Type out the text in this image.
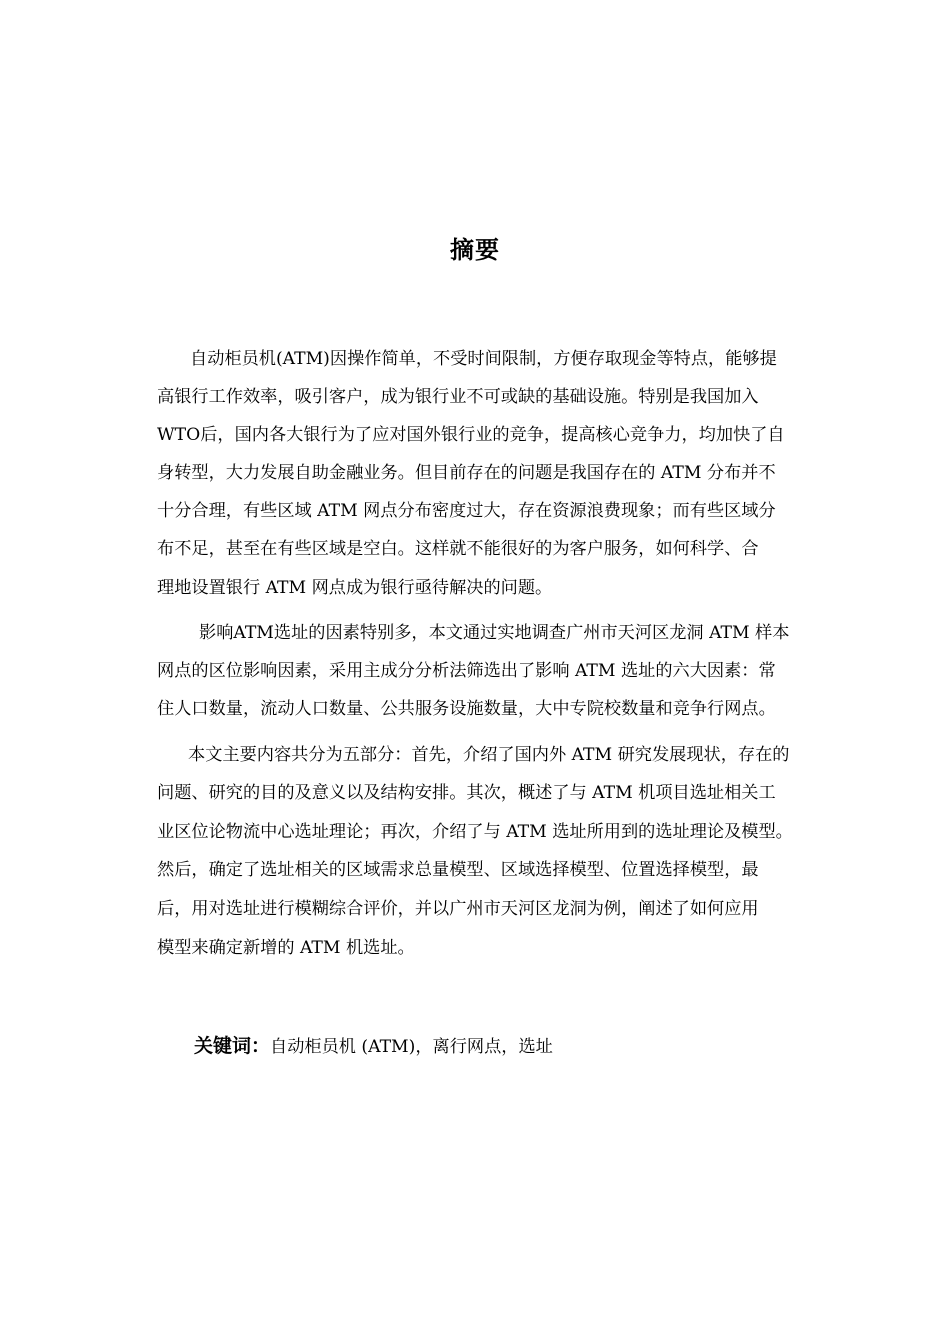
摘要
自动柜员机(ATM)因操作简单，不受时间限制，方便存取现金等特点，能够提
高银行工作效率，吸引客户，成为银行业不可或缺的基础设施。特别是我国加入
WTO后，国内各大银行为了应对国外银行业的竞争，提高核心竞争力，均加快了自
身转型，大力发展自助金融业务。但目前存在的问题是我国存在的 ATM 分布并不
十分合理，有些区域 ATM 网点分布密度过大，存在资源浪费现象；而有些区域分
布不足，甚至在有些区域是空白。这样就不能很好的为客户服务，如何科学、合
理地设置银行 ATM 网点成为银行亟待解决的问题。
影响ATM选址的因素特别多，本文通过实地调查广州市天河区龙洞 ATM 样本
网点的区位影响因素，采用主成分分析法筛选出了影响 ATM 选址的六大因素：常
住人口数量，流动人口数量、公共服务设施数量，大中专院校数量和竞争行网点。
本文主要内容共分为五部分：首先，介绍了国内外 ATM 研究发展现状，存在的
问题、研究的目的及意义以及结构安排。其次，概述了与 ATM 机项目选址相关工
业区位论物流中心选址理论；再次，介绍了与 ATM 选址所用到的选址理论及模型。
然后，确定了选址相关的区域需求总量模型、区域选择模型、位置选择模型，最
后，用对选址进行模糊综合评价，并以广州市天河区龙洞为例，阐述了如何应用
模型来确定新增的 ATM 机选址。
关键词：自动柜员机 (ATM)，离行网点，选址
